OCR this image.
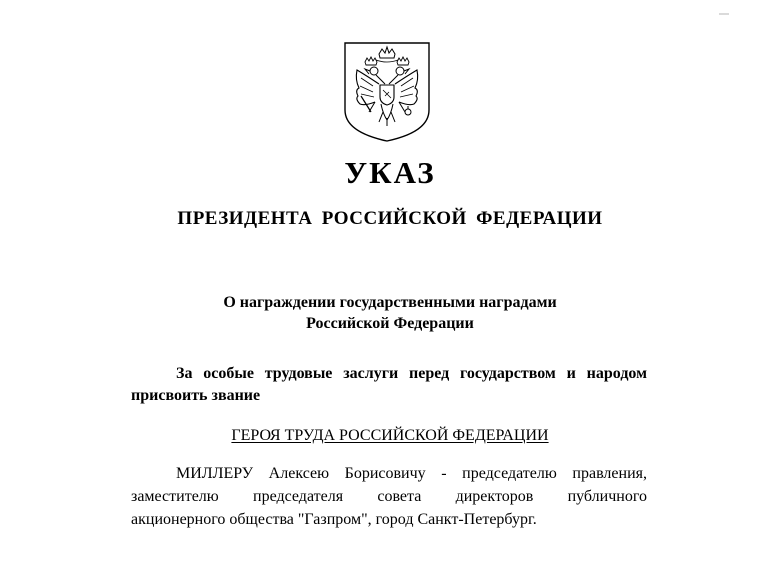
УКАЗ
ПРЕЗИДЕНТА РОССИЙСКОЙ ФЕДЕРАЦИИ
О награждении государственными наградами
Российской Федерации
За особые трудовые заслуги перед государством и народом
присвоить звание
ГЕРОЯ ТРУДА РОССИЙСКОЙ ФЕДЕРАЦИИ
МИЛЛЕРУ Алексею Борисовичу - председателю правления,
заместителю председателя совета директоров публичного
акционерного общества "Газпром", город Санкт-Петербург.
